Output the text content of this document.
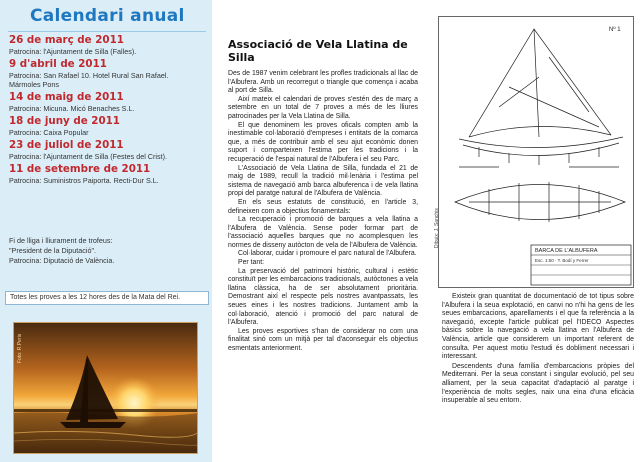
Calendari anual
26 de març de 2011
Patrocina: l'Ajuntament de Silla (Falles).
9 d'abril de 2011
Patrocina: San Rafael 10. Hotel Rural San Rafael.
Mármoles Pons
14 de maig de 2011
Patrocina: Micuna. Micó Benaches S.L.
18 de juny de 2011
Patrocina: Caixa Popular
23 de juliol de 2011
Patrocina: l'Ajuntament de Silla (Festes del Crist).
11 de setembre de 2011
Patrocina: Suministros Paiporta. Recti-Dur S.L.
Fi de lliga i lliurament de trofeus:
"President de la Diputació".
Patrocina: Diputació de València.
Totes les proves a les 12 hores des de la Mata del Rei.
Foto: R.Peris
Associació de Vela Llatina de Silla

Des de 1987 venim celebrant les profles tradicionals al llac de l'Albufera. Amb un recorregut o triangle que comença i acaba al port de Silla.

Així mateix el calendari de proves s'estén des de març a setembre en un total de 7 proves a més de les lliures patrocinades per la Vela Llatina de Silla.

El que denominem les proves oficals compten amb la inestimable col·laboració d'empreses i entitats de la comarca que, a més de contribuir amb el seu ajut econòmic donen suport i comparteixen l'estima per les tradicions i la recuperació de l'espai natural de l'Albufera i el seu Parc.

L'Associació de Vela Llatina de Silla, fundada el 21 de maig de 1989, recull la tradició mil·lenària i l'estima pel sistema de navegació amb barca albuferenca i de vela llatina propi del paratge natural de l'Albufera de València.

En els seus estatuts de constitució, en l'article 3, defineixen com a objectius fonamentals:

La recuperació i promoció de barques a vela llatina a l'Albufera de València. Sense poder formar part de l'associació aquelles barques que no acomplesquen les normes de disseny autòcton de vela de l'Albufera de València.

Col·laborar, cuidar i promoure el parc natural de l'Albufera.

Per tant:

La preservació del patrimoni històric, cultural i estètic constituït per les embarcacions tradicionals, autòctones a vela llatina clàssica, ha de ser absolutament prioritària. Demostrant així el respecte pels nostres avantpassats, les seues eines i les nostres tradicions. Juntament amb la col·laboració, atenció i promoció del parc natural de l'Albufera.

Les proves esportives s'han de considerar no com una finalitat sinó com un mitjà per tal d'aconseguir els objectius esmentats anteriorment.

Nº 1
BARCA DE L'ALBUFERA
Esc. 1:50 · T. Bodí y Ferrer
Dibuix: J. Sanchis

Existeix gran quantitat de documentació de tot tipus sobre l'Albufera i la seua explotació, en canvi no n'hi ha gens de les seues embarcacions, aparellaments i el que fa referència a la navegació, excepte l'article publicat pel l'IDECO Aspectes bàsics sobre la navegació a vela llatina en l'Albufera de València, article que considerem un important referent de consulta. Per aquest motiu l'estudi és dobliment necessari i interessant.

Descendents d'una família d'embarcacions pròpies del Mediterrani. Per la seua constant i singular evolució, pel seu alliament, per la seua capacitat d'adaptació al paratge i l'experiència de molts segles, naix una eina d'una eficàcia insuperable al seu entorn.
